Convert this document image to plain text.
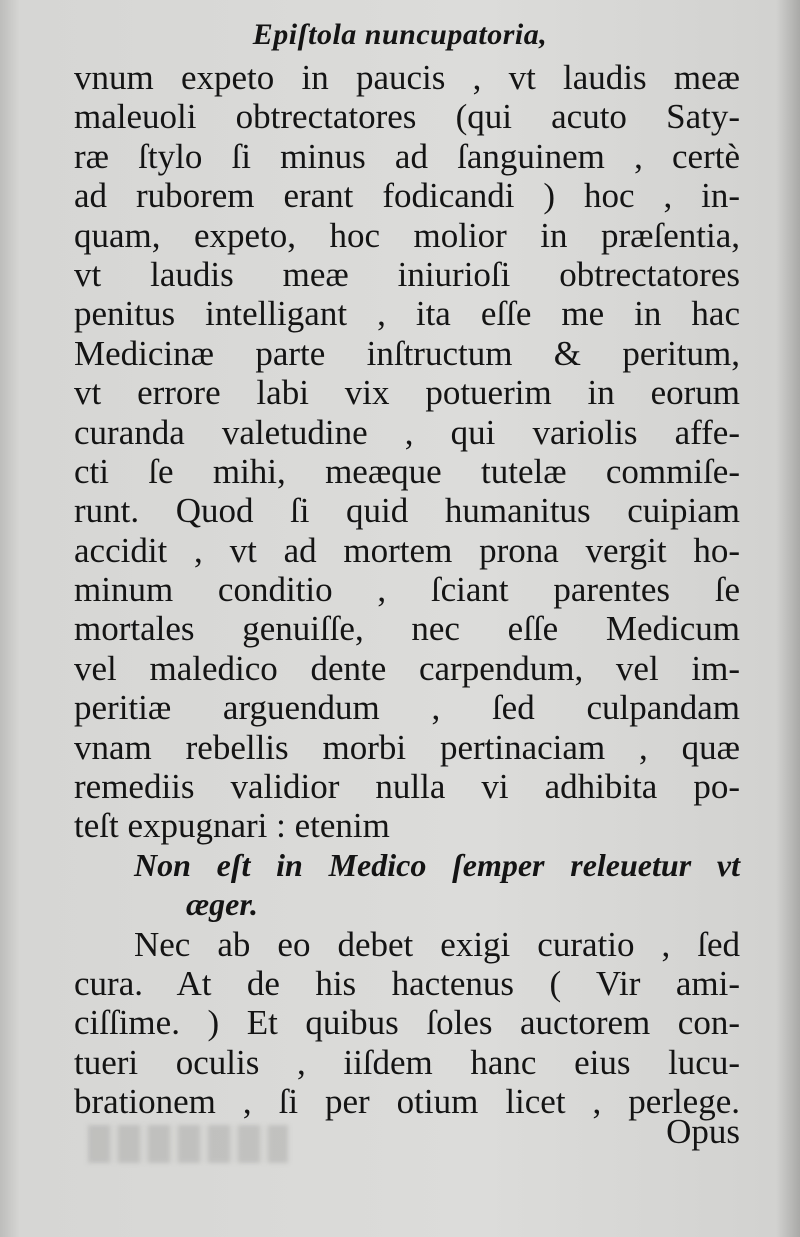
Epiſtola nuncupatoria,
vnum expeto in paucis , vt laudis meæ
maleuoli obtrectatores (qui acuto Saty-
ræ ſtylo ſi minus ad ſanguinem , certè
ad ruborem erant fodicandi ) hoc , in-
quam, expeto, hoc molior in præſentia,
vt laudis meæ iniurioſi obtrectatores
penitus intelligant , ita eſſe me in hac
Medicinæ parte inſtructum & peritum,
vt errore labi vix potuerim in eorum
curanda valetudine , qui variolis affe-
cti ſe mihi, meæque tutelæ commiſe-
runt. Quod ſi quid humanitus cuipiam
accidit , vt ad mortem prona vergit ho-
minum conditio , ſciant parentes ſe
mortales genuiſſe, nec eſſe Medicum
vel maledico dente carpendum, vel im-
peritiæ arguendum , ſed culpandam
vnam rebellis morbi pertinaciam , quæ
remediis validior nulla vi adhibita po-
teſt expugnari : etenim
Non eſt in Medico ſemper releuetur vt
æger.
Nec ab eo debet exigi curatio , ſed
cura. At de his hactenus ( Vir ami-
ciſſime. ) Et quibus ſoles auctorem con-
tueri oculis , iiſdem hanc eius lucu-
brationem , ſi per otium licet , perlege.
Opus
